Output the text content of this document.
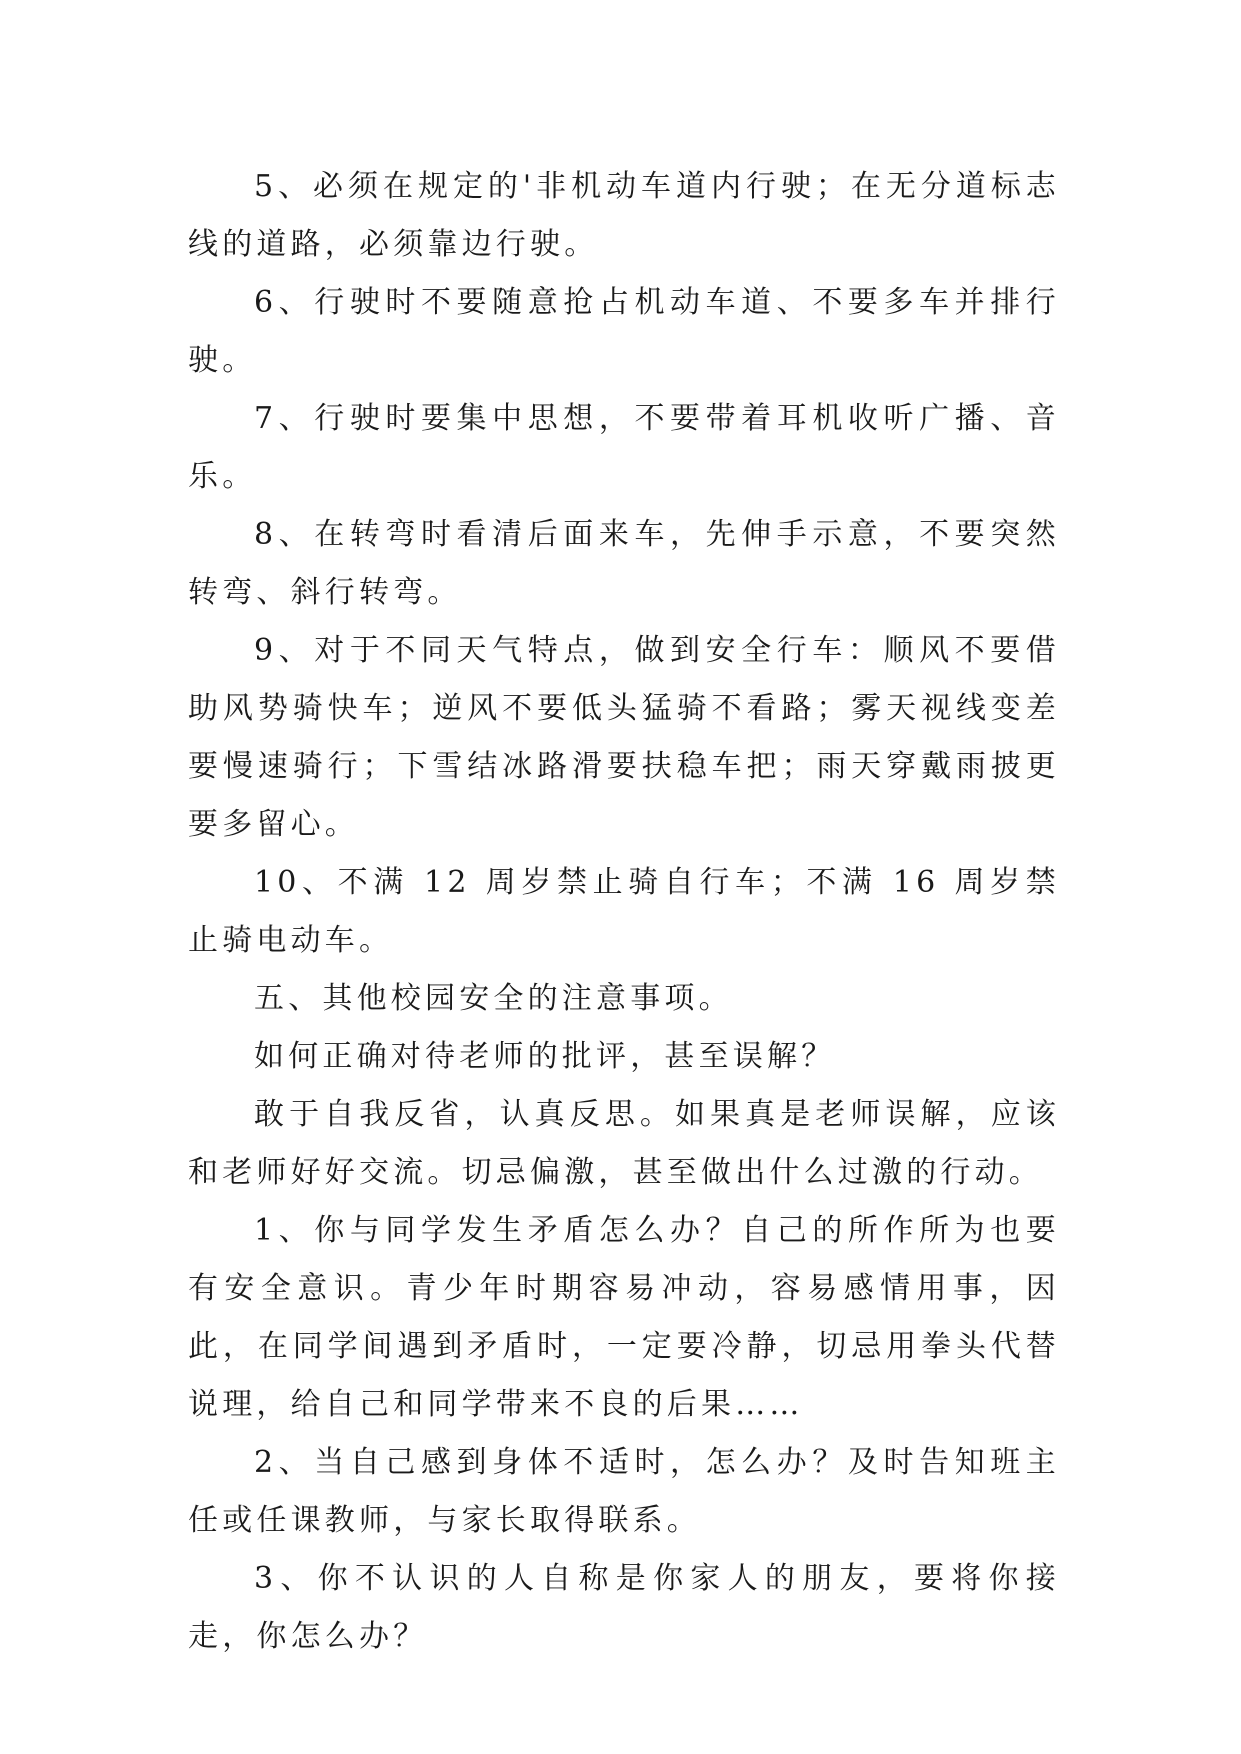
5、必须在规定的'非机动车道内行驶；在无分道标志线的道路，必须靠边行驶。

6、行驶时不要随意抢占机动车道、不要多车并排行驶。

7、行驶时要集中思想，不要带着耳机收听广播、音乐。

8、在转弯时看清后面来车，先伸手示意，不要突然转弯、斜行转弯。

9、对于不同天气特点，做到安全行车：顺风不要借助风势骑快车；逆风不要低头猛骑不看路；雾天视线变差要慢速骑行；下雪结冰路滑要扶稳车把；雨天穿戴雨披更要多留心。

10、不满 12 周岁禁止骑自行车；不满 16 周岁禁止骑电动车。

五、其他校园安全的注意事项。

如何正确对待老师的批评，甚至误解？

敢于自我反省，认真反思。如果真是老师误解，应该和老师好好交流。切忌偏激，甚至做出什么过激的行动。

1、你与同学发生矛盾怎么办？自己的所作所为也要有安全意识。青少年时期容易冲动，容易感情用事，因此，在同学间遇到矛盾时，一定要冷静，切忌用拳头代替说理，给自己和同学带来不良的后果……

2、当自己感到身体不适时，怎么办？及时告知班主任或任课教师，与家长取得联系。

3、你不认识的人自称是你家人的朋友，要将你接走，你怎么办？
